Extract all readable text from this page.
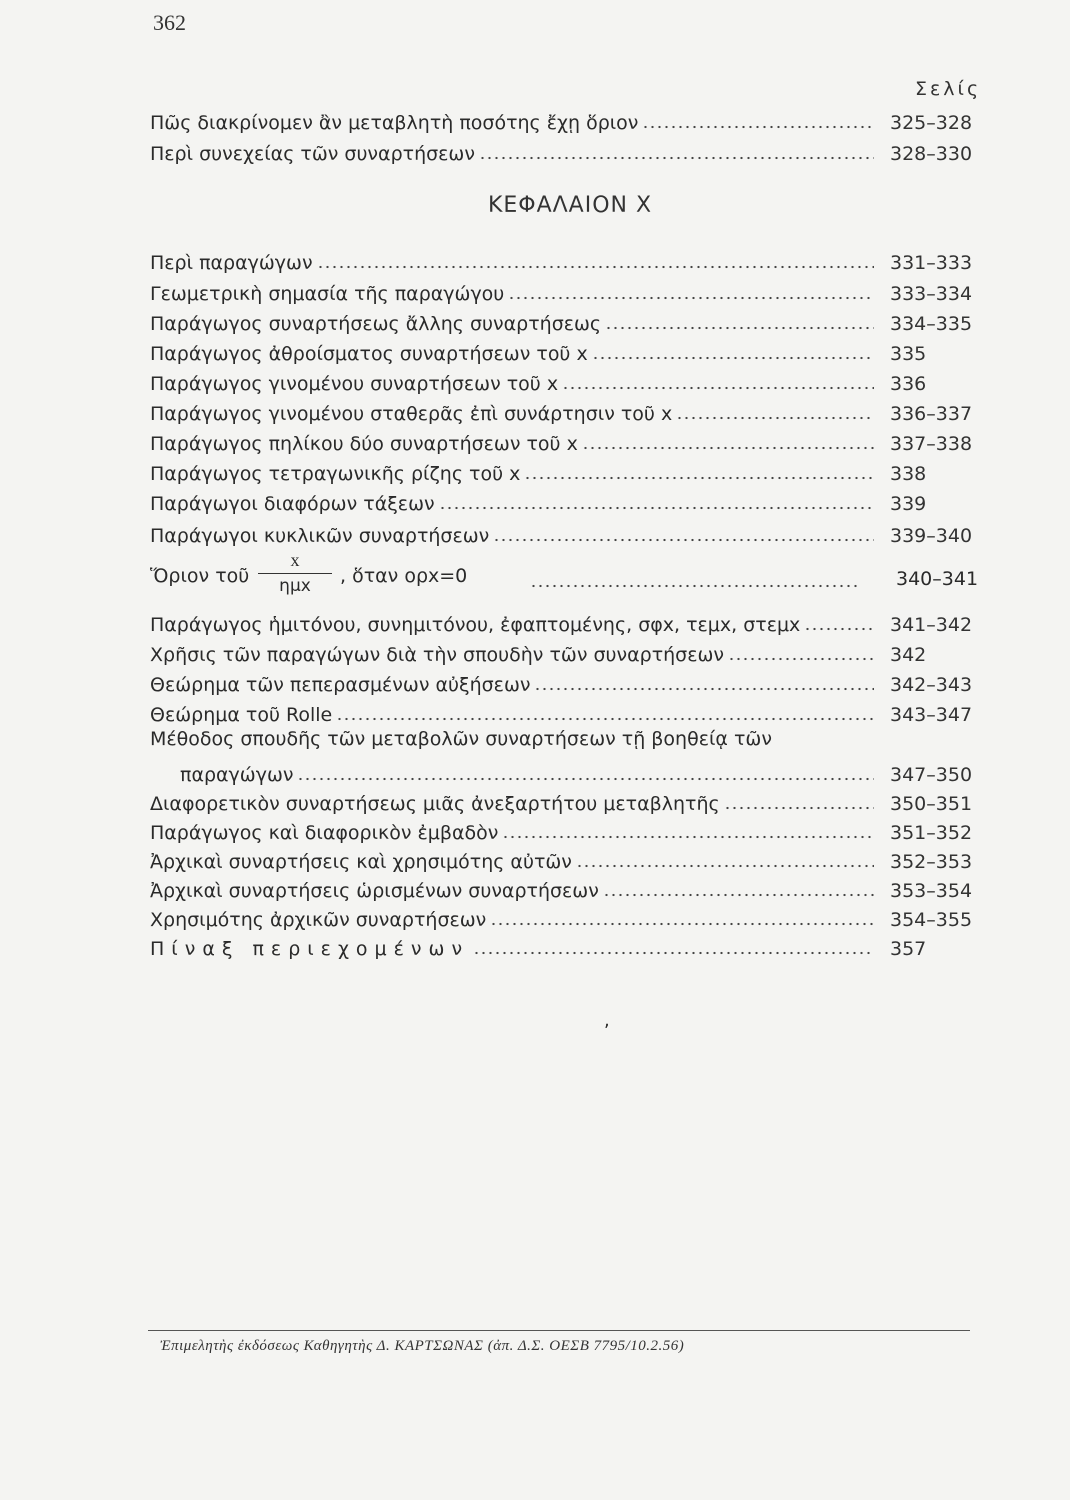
362
Σελίς
Πῶς διακρίνομεν ἂν μεταβλητὴ ποσότης ἔχῃ ὅριον	325–328
Περὶ συνεχείας τῶν συναρτήσεων	328–330
ΚΕΦΑΛΑΙΟΝ Χ
Περὶ παραγώγων	331–333
Γεωμετρικὴ σημασία τῆς παραγώγου	333–334
Παράγωγος συναρτήσεως ἄλλης συναρτήσεως	334–335
Παράγωγος ἀθροίσματος συναρτήσεων τοῦ x	335
Παράγωγος γινομένου συναρτήσεων τοῦ x	336
Παράγωγος γινομένου σταθερᾶς ἐπὶ συνάρτησιν τοῦ x	336–337
Παράγωγος πηλίκου δύο συναρτήσεων τοῦ x	337–338
Παράγωγος τετραγωνικῆς ρίζης τοῦ x	338
Παράγωγοι διαφόρων τάξεων	339
Παράγωγοι κυκλικῶν συναρτήσεων	339–340
Ὅριον τοῦ
x
ημx	, ὅταν ορx=0	340–341
Παράγωγος ἡμιτόνου, συνημιτόνου, ἐφαπτομένης, σφx, τεμx, στεμx	341–342
Χρῆσις τῶν παραγώγων διὰ τὴν σπουδὴν τῶν συναρτήσεων	342
Θεώρημα τῶν πεπερασμένων αὐξήσεων	342–343
Θεώρημα τοῦ Rolle	343–347
Μέθοδος σπουδῆς τῶν μεταβολῶν συναρτήσεων τῇ βοηθείᾳ τῶν
παραγώγων	347–350
Διαφορετικὸν συναρτήσεως μιᾶς ἀνεξαρτήτου μεταβλητῆς	350–351
Παράγωγος καὶ διαφορικὸν ἐμβαδὸν	351–352
Ἀρχικαὶ συναρτήσεις καὶ χρησιμότης αὐτῶν	352–353
Ἀρχικαὶ συναρτήσεις ὡρισμένων συναρτήσεων	353–354
Χρησιμότης ἀρχικῶν συναρτήσεων	354–355
Πίναξ περιεχομένων	357
,
Ἐπιμελητὴς ἐκδόσεως Καθηγητὴς Δ. ΚΑΡΤΣΩΝΑΣ (ἀπ. Δ.Σ. ΟΕΣΒ 7795/10.2.56)
